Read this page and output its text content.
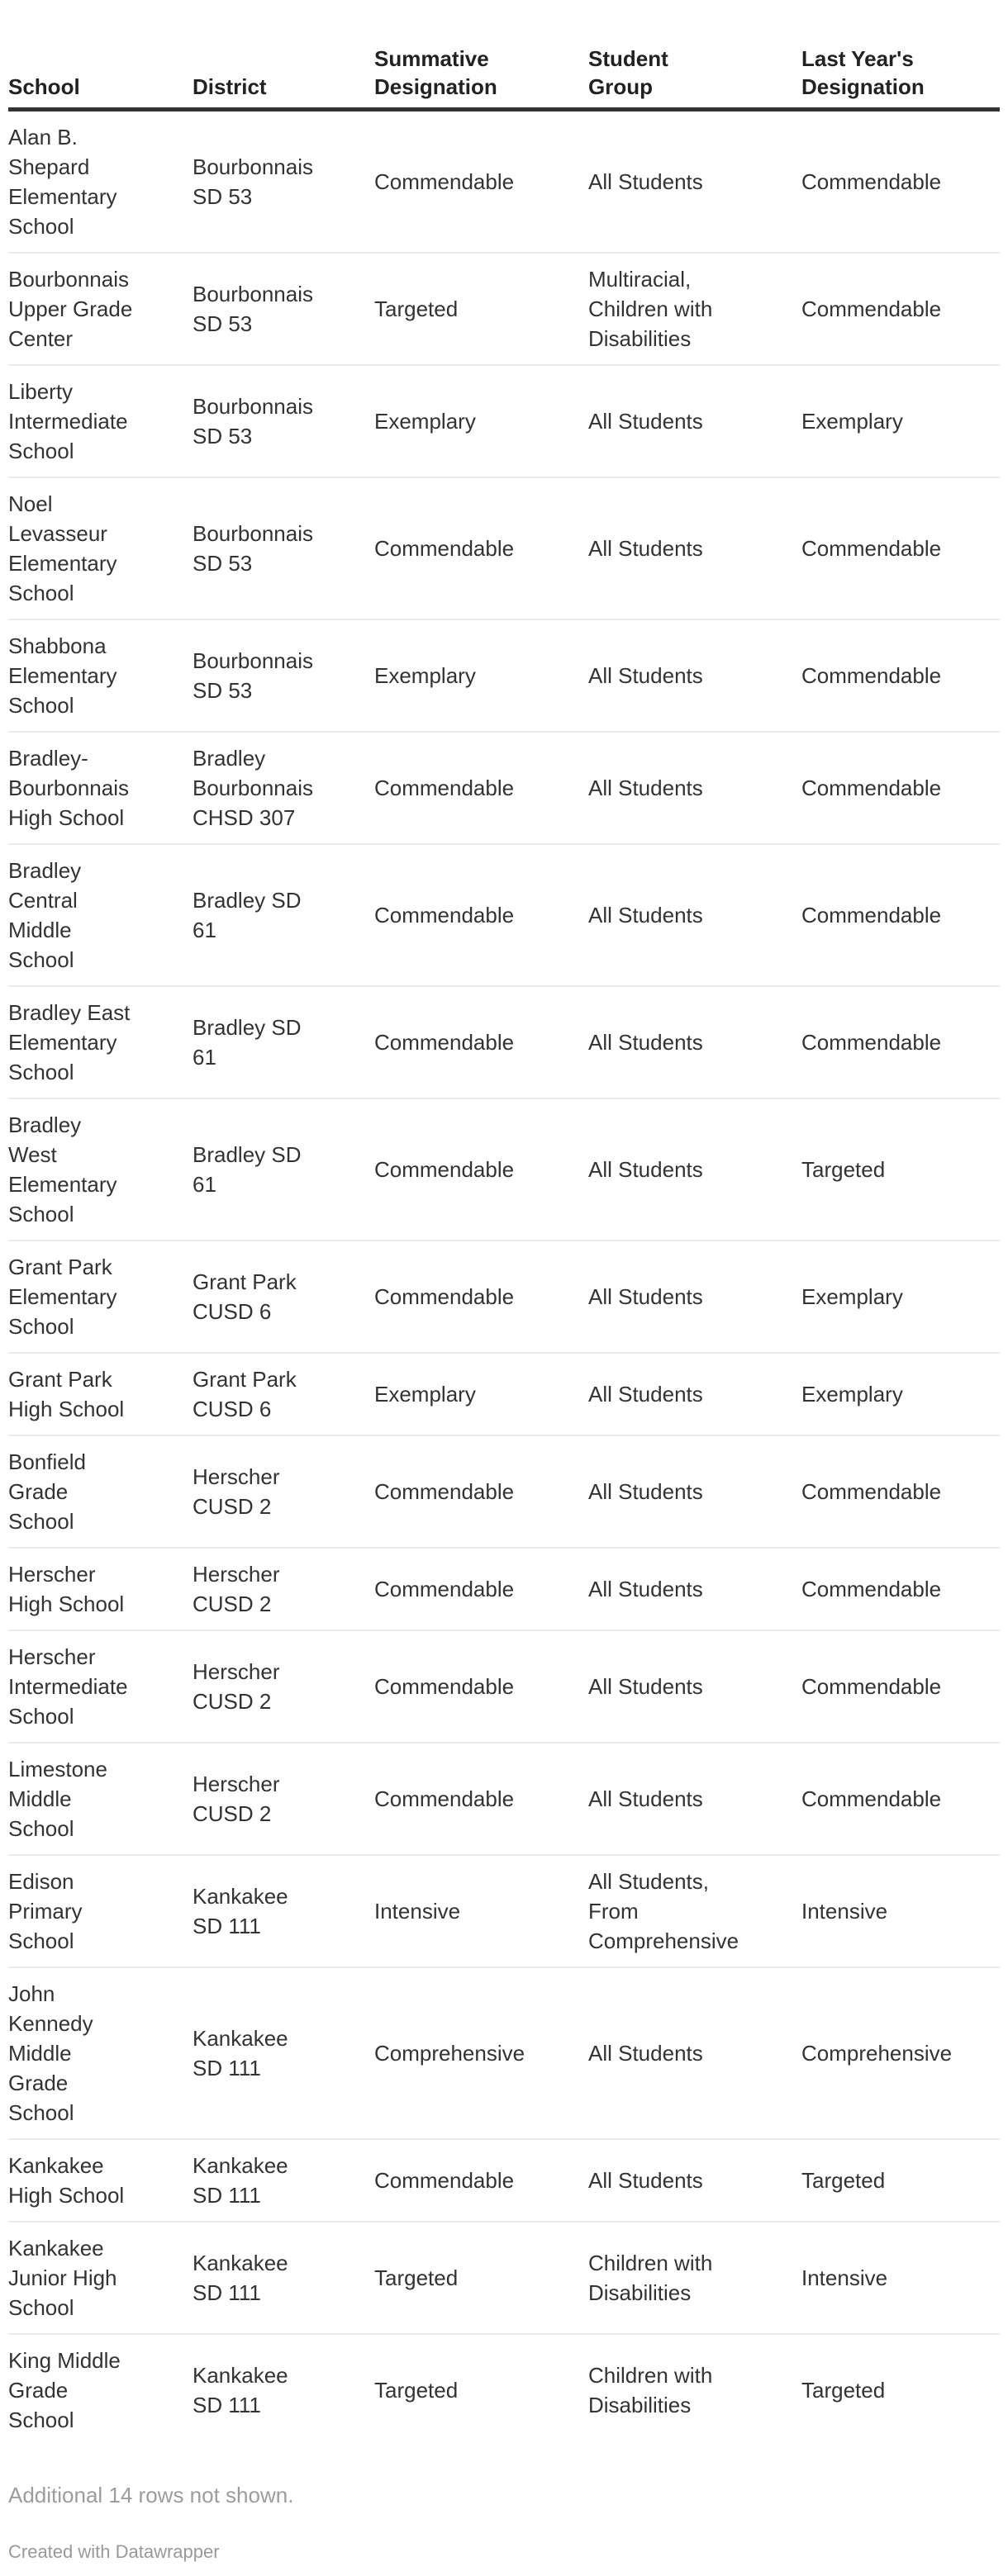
School	District	Summative Designation	Student Group	Last Year's Designation

Alan B. Shepard Elementary School	Bourbonnais SD 53	Commendable	All Students	Commendable

Bourbonnais Upper Grade Center	Bourbonnais SD 53	Targeted	Multiracial, Children with Disabilities	Commendable

Liberty Intermediate School	Bourbonnais SD 53	Exemplary	All Students	Exemplary

Noel Levasseur Elementary School	Bourbonnais SD 53	Commendable	All Students	Commendable

Shabbona Elementary School	Bourbonnais SD 53	Exemplary	All Students	Commendable

Bradley-Bourbonnais High School	Bradley Bourbonnais CHSD 307	Commendable	All Students	Commendable

Bradley Central Middle School	Bradley SD 61	Commendable	All Students	Commendable

Bradley East Elementary School	Bradley SD 61	Commendable	All Students	Commendable

Bradley West Elementary School	Bradley SD 61	Commendable	All Students	Targeted

Grant Park Elementary School	Grant Park CUSD 6	Commendable	All Students	Exemplary

Grant Park High School	Grant Park CUSD 6	Exemplary	All Students	Exemplary

Bonfield Grade School	Herscher CUSD 2	Commendable	All Students	Commendable

Herscher High School	Herscher CUSD 2	Commendable	All Students	Commendable

Herscher Intermediate School	Herscher CUSD 2	Commendable	All Students	Commendable

Limestone Middle School	Herscher CUSD 2	Commendable	All Students	Commendable

Edison Primary School	Kankakee SD 111	Intensive	All Students, From Comprehensive	Intensive

John Kennedy Middle Grade School	Kankakee SD 111	Comprehensive	All Students	Comprehensive

Kankakee High School	Kankakee SD 111	Commendable	All Students	Targeted

Kankakee Junior High School	Kankakee SD 111	Targeted	Children with Disabilities	Intensive

King Middle Grade School	Kankakee SD 111	Targeted	Children with Disabilities	Targeted
Additional 14 rows not shown.
Created with Datawrapper
